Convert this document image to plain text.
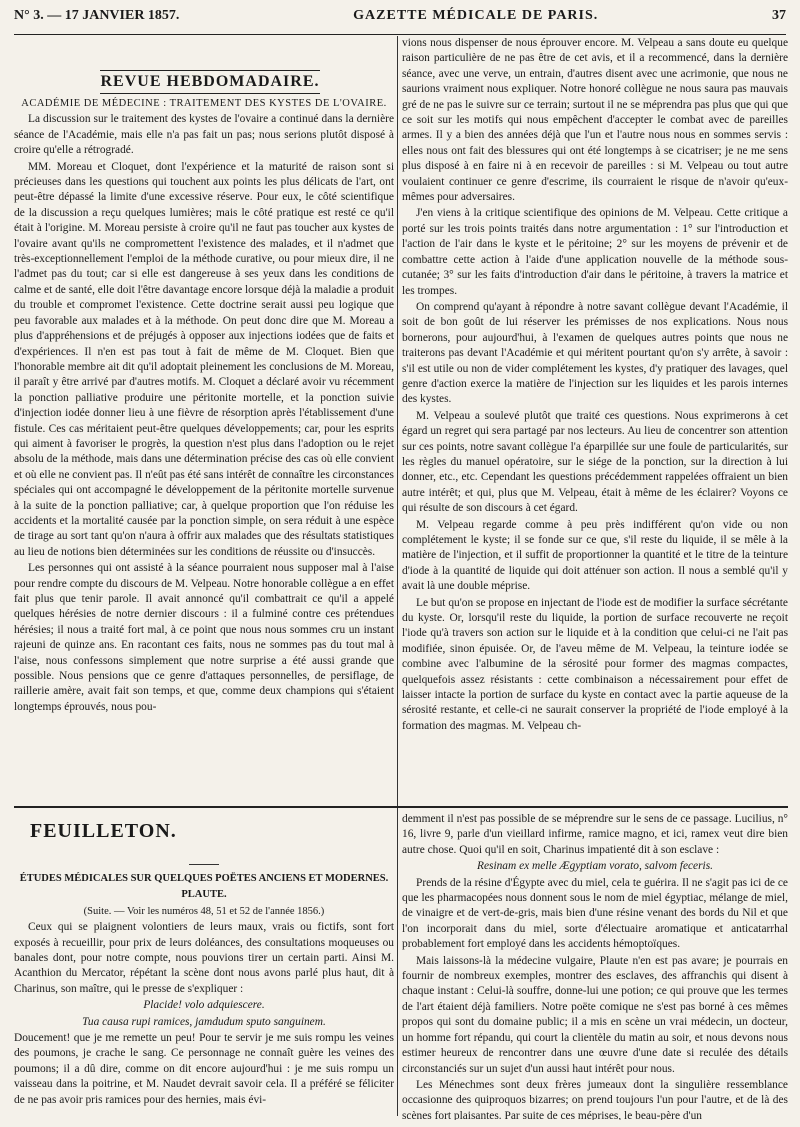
N° 3. — 17 JANVIER 1857.	GAZETTE MÉDICALE DE PARIS.	37
REVUE HEBDOMADAIRE.

ACADÉMIE DE MÉDECINE : TRAITEMENT DES KYSTES DE L'OVAIRE.

La discussion sur le traitement des kystes de l'ovaire a continué dans la dernière séance de l'Académie, mais elle n'a pas fait un pas; nous serions plutôt disposé à croire qu'elle a rétrogradé.

MM. Moreau et Cloquet, dont l'expérience et la maturité de raison sont si précieuses dans les questions qui touchent aux points les plus délicats de l'art, ont peut-être dépassé la limite d'une excessive réserve. Pour eux, le côté scientifique de la discussion a reçu quelques lumières; mais le côté pratique est resté ce qu'il était à l'origine. M. Moreau persiste à croire qu'il ne faut pas toucher aux kystes de l'ovaire avant qu'ils ne compromettent l'existence des malades, et il n'admet que très-exceptionnellement l'emploi de la méthode curative, ou pour mieux dire, il ne l'admet pas du tout; car si elle est dangereuse à ses yeux dans les conditions de calme et de santé, elle doit l'être davantage encore lorsque déjà la maladie a produit du trouble et compromet l'existence. Cette doctrine serait aussi peu logique que peu favorable aux malades et à la méthode. On peut donc dire que M. Moreau a plus d'appréhensions et de préjugés à opposer aux injections iodées que de faits et d'expériences. Il n'en est pas tout à fait de même de M. Cloquet. Bien que l'honorable membre ait dit qu'il adoptait pleinement les conclusions de M. Moreau, il paraît y être arrivé par d'autres motifs. M. Cloquet a déclaré avoir vu récemment la ponction palliative produire une péritonite mortelle, et la ponction suivie d'injection iodée donner lieu à une fièvre de résorption après l'établissement d'une fistule. Ces cas méritaient peut-être quelques développements; car, pour les esprits qui aiment à favoriser le progrès, la question n'est plus dans l'adoption ou le rejet absolu de la méthode, mais dans une détermination précise des cas où elle convient et où elle ne convient pas. Il n'eût pas été sans intérêt de connaître les circonstances spéciales qui ont accompagné le développement de la péritonite mortelle survenue à la suite de la ponction palliative; car, à quelque proportion que l'on réduise les accidents et la mortalité causée par la ponction simple, on sera réduit à une espèce de tirage au sort tant qu'on n'aura à offrir aux malades que des résultats statistiques au lieu de notions bien déterminées sur les conditions de réussite ou d'insuccès.

Les personnes qui ont assisté à la séance pourraient nous supposer mal à l'aise pour rendre compte du discours de M. Velpeau. Notre honorable collègue a en effet fait plus que tenir parole. Il avait annoncé qu'il combattrait ce qu'il a appelé quelques hérésies de notre dernier discours : il a fulminé contre ces prétendues hérésies; il nous a traité fort mal, à ce point que nous nous sommes cru un instant rajeuni de quinze ans. En racontant ces faits, nous ne sommes pas du tout mal à l'aise, nous confessons simplement que notre surprise a été aussi grande que possible. Nous pensions que ce genre d'attaques personnelles, de persiflage, de raillerie amère, avait fait son temps, et que, comme deux champions qui s'étaient longtemps éprouvés, nous pou-

vions nous dispenser de nous éprouver encore. M. Velpeau a sans doute eu quelque raison particulière de ne pas être de cet avis, et il a recommencé, dans la dernière séance, avec une verve, un entrain, d'autres disent avec une acrimonie, que nous ne saurions vraiment nous expliquer. Notre honoré collègue ne nous saura pas mauvais gré de ne pas le suivre sur ce terrain; surtout il ne se méprendra pas plus que qui que ce soit sur les motifs qui nous empêchent d'accepter le combat avec de pareilles armes. Il y a bien des années déjà que l'un et l'autre nous nous en sommes servis : elles nous ont fait des blessures qui ont été longtemps à se cicatriser; je ne me sens plus disposé à en faire ni à en recevoir de pareilles : si M. Velpeau ou tout autre voulaient continuer ce genre d'escrime, ils courraient le risque de n'avoir qu'eux-mêmes pour adversaires.

J'en viens à la critique scientifique des opinions de M. Velpeau. Cette critique a porté sur les trois points traités dans notre argumentation : 1° sur l'introduction et l'action de l'air dans le kyste et le péritoine; 2° sur les moyens de prévenir et de combattre cette action à l'aide d'une application nouvelle de la méthode sous-cutanée; 3° sur les faits d'introduction d'air dans le péritoine, à travers la matrice et les trompes.

On comprend qu'ayant à répondre à notre savant collègue devant l'Académie, il soit de bon goût de lui réserver les prémisses de nos explications. Nous nous bornerons, pour aujourd'hui, à l'examen de quelques autres points que nous ne traiterons pas devant l'Académie et qui méritent pourtant qu'on s'y arrête, à savoir : s'il est utile ou non de vider complétement les kystes, d'y pratiquer des lavages, quel genre d'action exerce la matière de l'injection sur les liquides et les parois internes des kystes.

M. Velpeau a soulevé plutôt que traité ces questions. Nous exprimerons à cet égard un regret qui sera partagé par nos lecteurs. Au lieu de concentrer son attention sur ces points, notre savant collègue l'a éparpillée sur une foule de particularités, sur les règles du manuel opératoire, sur le siége de la ponction, sur la direction à lui donner, etc., etc. Cependant les questions précédemment rappelées offraient un bien autre intérêt; et qui, plus que M. Velpeau, était à même de les éclairer? Voyons ce qui résulte de son discours à cet égard.

M. Velpeau regarde comme à peu près indifférent qu'on vide ou non complétement le kyste; il se fonde sur ce que, s'il reste du liquide, il se mêle à la matière de l'injection, et il suffit de proportionner la quantité et le titre de la teinture d'iode à la quantité de liquide qui doit atténuer son action. Il nous a semblé qu'il y avait là une double méprise.

Le but qu'on se propose en injectant de l'iode est de modifier la surface sécrétante du kyste. Or, lorsqu'il reste du liquide, la portion de surface recouverte ne reçoit l'iode qu'à travers son action sur le liquide et à la condition que celui-ci ne l'ait pas modifiée, sinon épuisée. Or, de l'aveu même de M. Velpeau, la teinture iodée se combine avec l'albumine de la sérosité pour former des magmas compactes, quelquefois assez résistants : cette combinaison a nécessairement pour effet de laisser intacte la portion de surface du kyste en contact avec la partie aqueuse de la sérosité restante, et celle-ci ne saurait conserver la propriété de l'iode employé à la formation des magmas. M. Velpeau ch-

FEUILLETON.

ÉTUDES MÉDICALES SUR QUELQUES POËTES ANCIENS ET MODERNES.

PLAUTE.

(Suite. — Voir les numéros 48, 51 et 52 de l'année 1856.)

Ceux qui se plaignent volontiers de leurs maux, vrais ou fictifs, sont fort exposés à recueillir, pour prix de leurs doléances, des consultations moqueuses ou banales dont, pour notre compte, nous pouvions tirer un certain parti. Ainsi M. Acanthion du Mercator, répétant la scène dont nous avons parlé plus haut, dit à Charinus, son maître, qui le presse de s'expliquer :

Placide! volo adquiescere.

Tua causa rupi ramices, jamdudum sputo sanguinem.

Doucement! que je me remette un peu! Pour te servir je me suis rompu les veines des poumons, je crache le sang. Ce personnage ne connaît guère les veines des poumons; il a dû dire, comme on dit encore aujourd'hui : je me suis rompu un vaisseau dans la poitrine, et M. Naudet devrait savoir cela. Il a préféré se féliciter de ne pas avoir pris ramices pour des hernies, mais évi-

demment il n'est pas possible de se méprendre sur le sens de ce passage. Lucilius, n° 16, livre 9, parle d'un vieillard infirme, ramice magno, et ici, ramex veut dire bien autre chose. Quoi qu'il en soit, Charinus impatienté dit à son esclave :

Resinam ex melle Ægyptiam vorato, salvom feceris.

Prends de la résine d'Égypte avec du miel, cela te guérira. Il ne s'agit pas ici de ce que les pharmacopées nous donnent sous le nom de miel égyptiac, mélange de miel, de vinaigre et de vert-de-gris, mais bien d'une résine venant des bords du Nil et que l'on incorporait dans du miel, sorte d'électuaire aromatique et anticatarrhal probablement fort employé dans les accidents hémoptoïques.

Mais laissons-là la médecine vulgaire, Plaute n'en est pas avare; je pourrais en fournir de nombreux exemples, montrer des esclaves, des affranchis qui disent à chaque instant : Celui-là souffre, donne-lui une potion; ce qui prouve que les termes de l'art étaient déjà familiers. Notre poëte comique ne s'est pas borné à ces mêmes propos qui sont du domaine public; il a mis en scène un vrai médecin, un docteur, un homme fort répandu, qui court la clientèle du matin au soir, et nous devons nous estimer heureux de rencontrer dans une œuvre d'une date si reculée des détails circonstanciés sur un sujet d'un aussi haut intérêt pour nous.

Les Ménechmes sont deux frères jumeaux dont la singulière ressemblance occasionne des quiproquos bizarres; on prend toujours l'un pour l'autre, et de là des scènes fort plaisantes. Par suite de ces méprises, le beau-père d'un
